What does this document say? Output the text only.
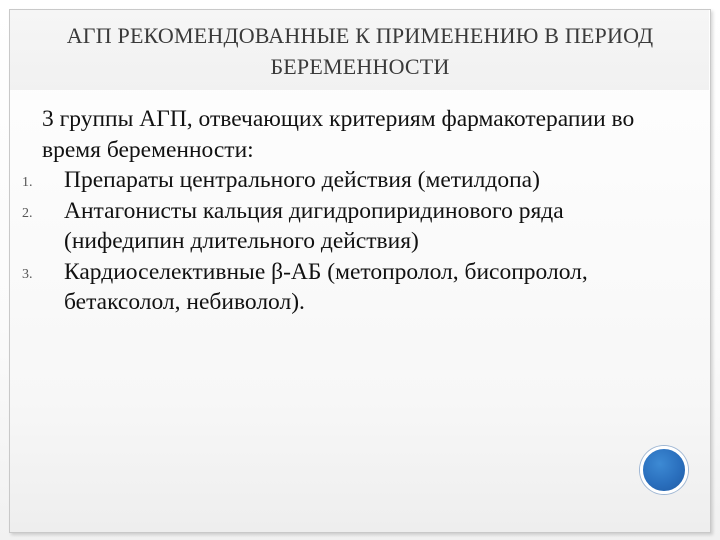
АГП РЕКОМЕНДОВАННЫЕ К ПРИМЕНЕНИЮ В ПЕРИОД БЕРЕМЕННОСТИ

3 группы АГП, отвечающих критериям фармакотерапии во время беременности:

1. Препараты центрального действия (метилдопа)
2. Антагонисты кальция дигидропиридинового ряда (нифедипин длительного действия)
3. Кардиоселективные β-АБ (метопролол, бисопролол, бетаксолол, небиволол).
